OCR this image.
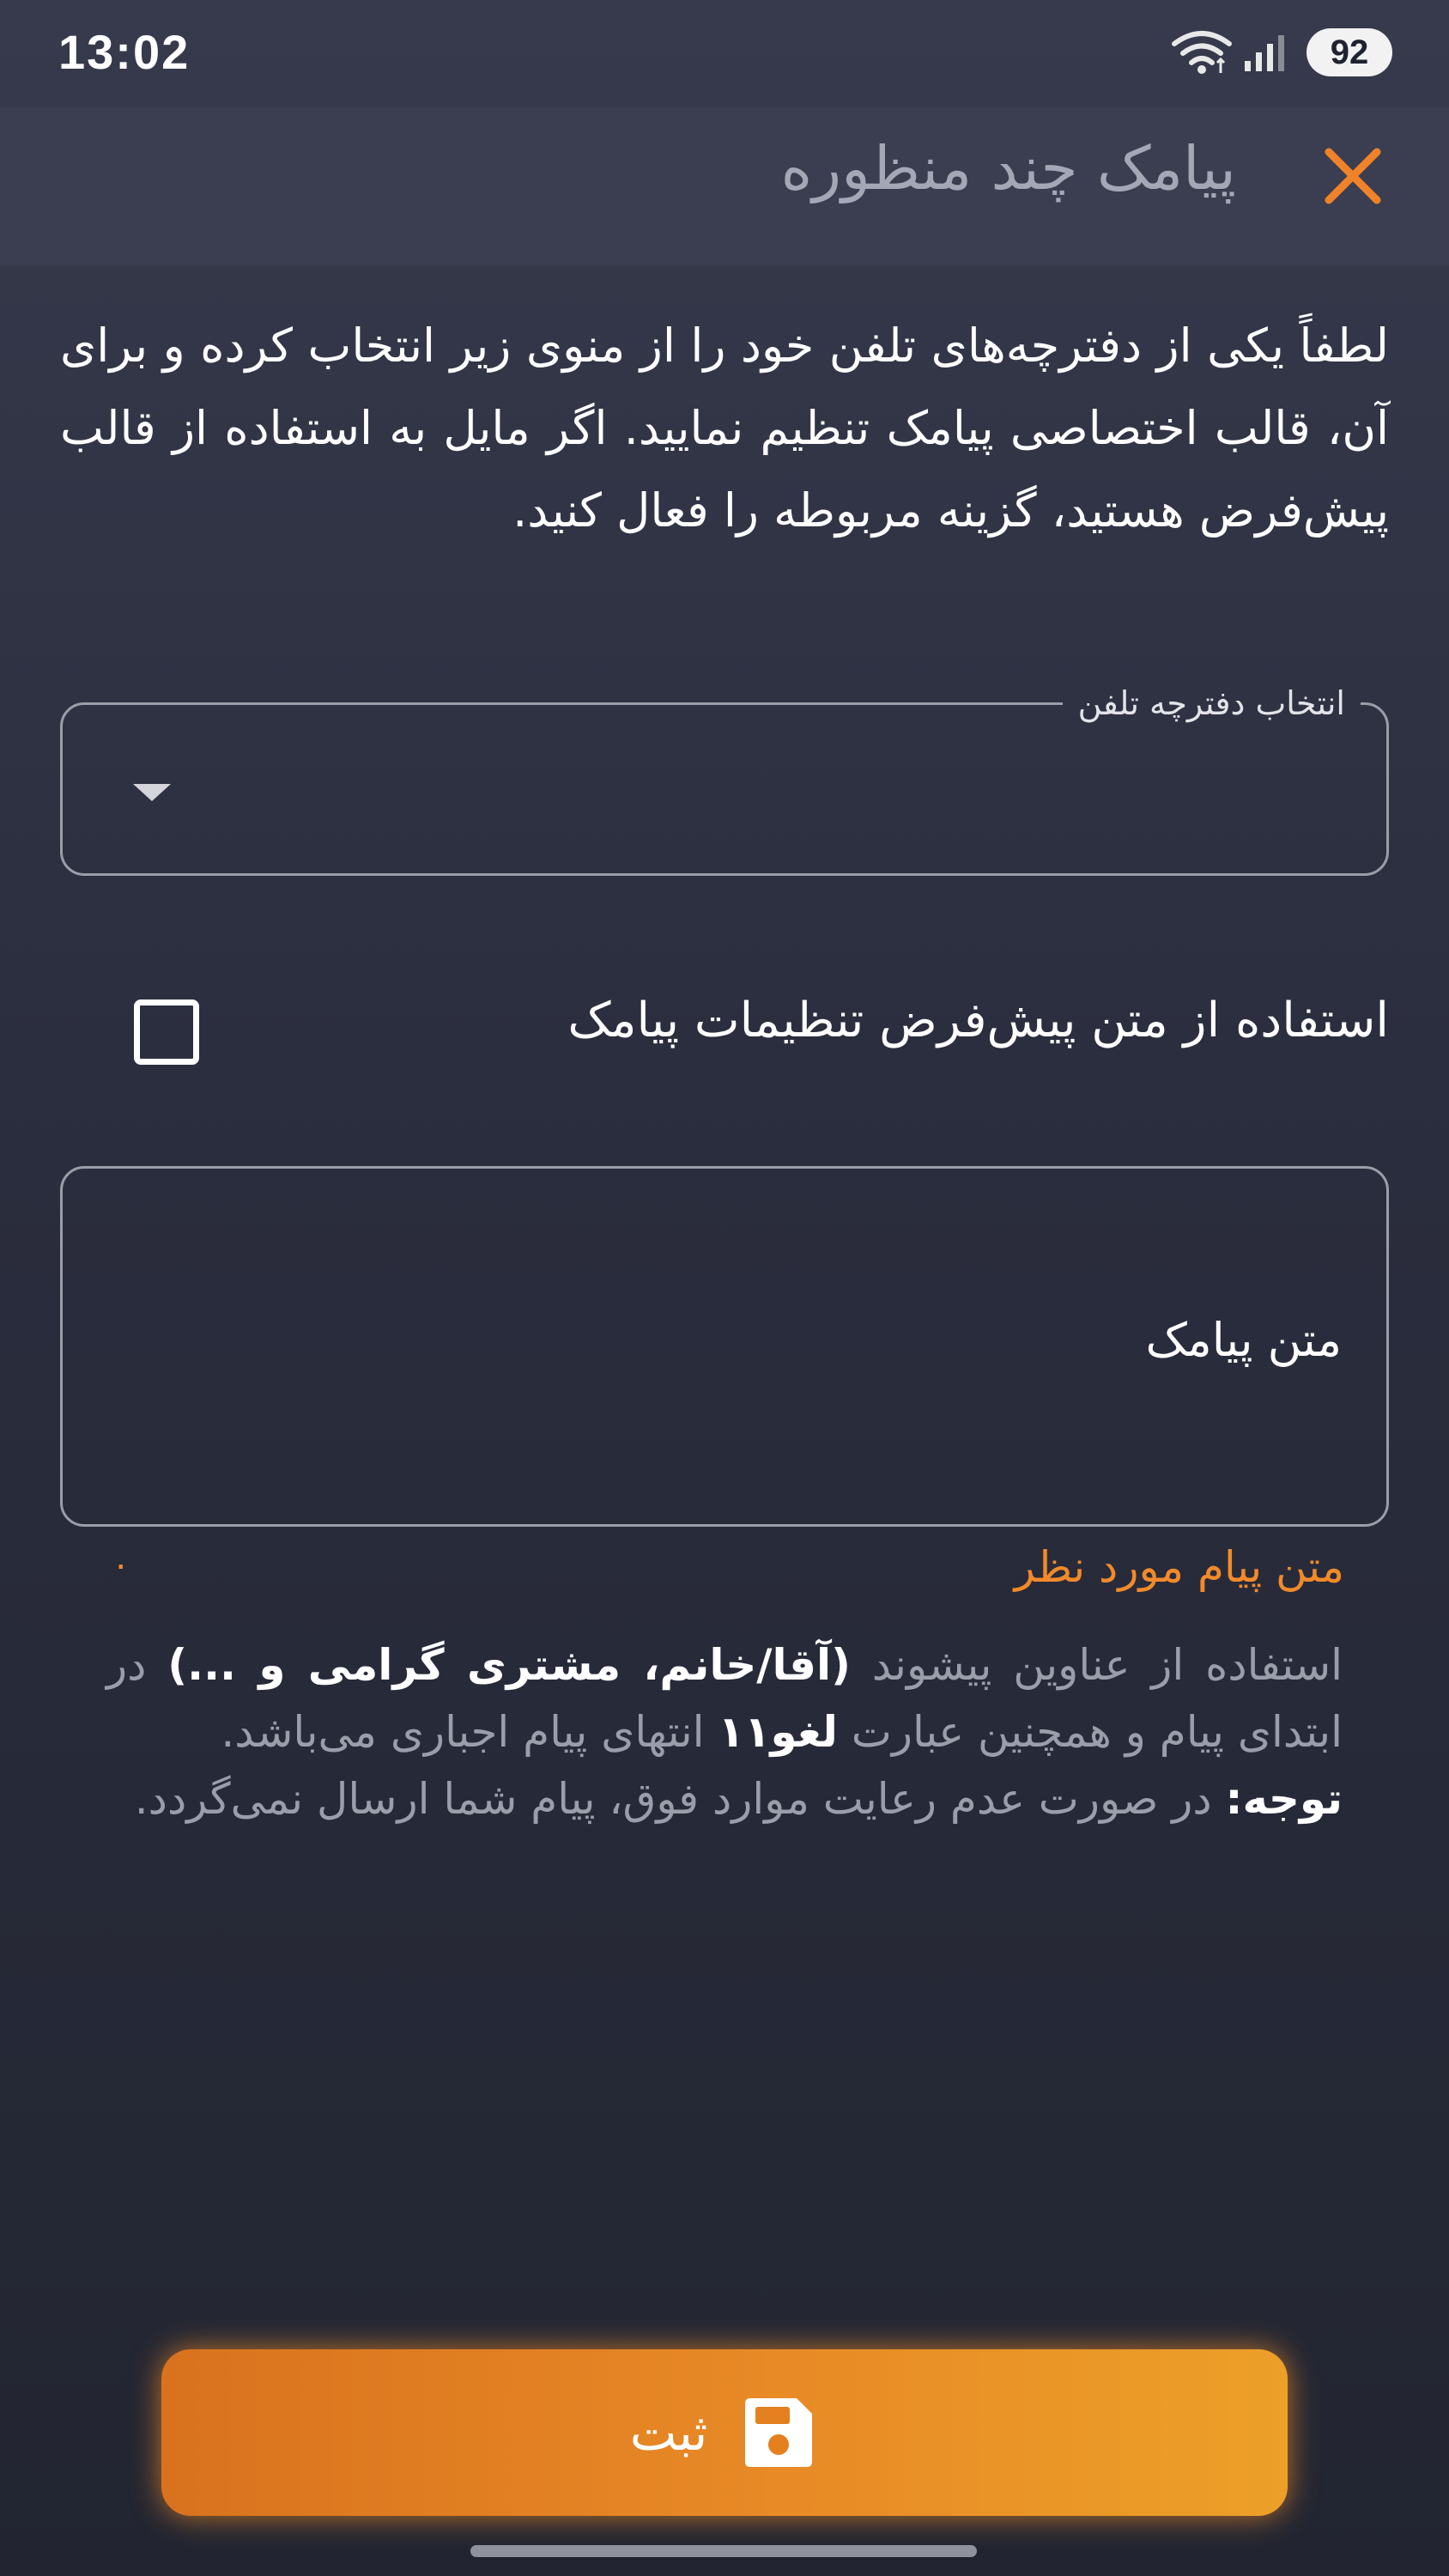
13:02	92
پیامک چند منظوره
لطفاً یکی از دفترچه‌های تلفن خود را از منوی زیر انتخاب کرده و برای آن، قالب اختصاصی پیامک تنظیم نمایید. اگر مایل به استفاده از قالب پیش‌فرض هستید، گزینه مربوطه را فعال کنید.
انتخاب دفترچه تلفن
استفاده از متن پیش‌فرض تنظیمات پیامک
متن پیامک
متن پیام مورد نظر
۰
استفاده از عناوین پیشوند (آقا/خانم، مشتری گرامی و ...) در ابتدای پیام و همچنین عبارت لغو۱۱ انتهای پیام اجباری می‌باشد.
توجه: در صورت عدم رعایت موارد فوق، پیام شما ارسال نمی‌گردد.
ثبت
